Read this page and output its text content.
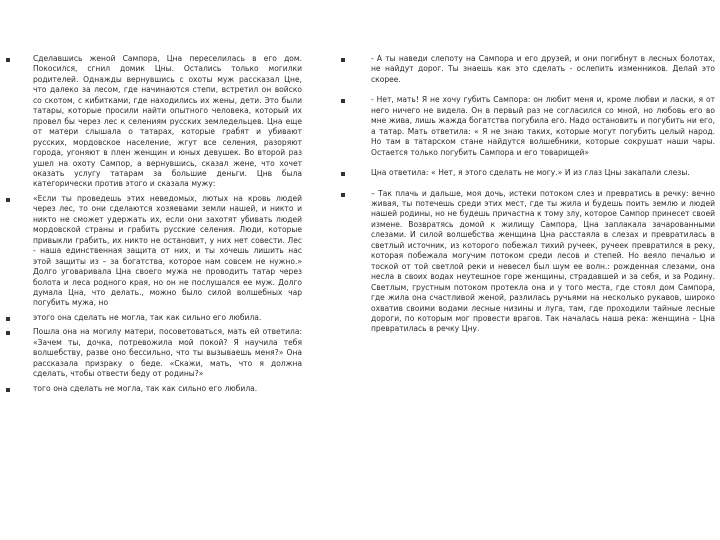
Сделавшись женой Сампора, Цна переселилась в его дом. Покосился, сгнил домик Цны. Остались только могилки родителей. Однажды вернувшись с охоты муж рассказал Цне, что далеко за лесом, где начинаются степи, встретил он войско со скотом, с кибитками, где находились их жены, дети. Это были татары, которые просили найти опытного человека, который их провел бы через лес к селениям русских земледельцев. Цна еще от матери слышала о татарах, которые грабят и убивают русских, мордовское население, жгут все селения, разоряют города, угоняют в плен женщин и юных девушек. Во второй раз ушел на охоту Сампор, а вернувшись, сказал жене, что хочет оказать услугу татарам за большие деньги. Цнв была категорически против этого и сказала мужу:
«Если ты проведешь этих неведомых, лютых на кровь людей через лес, то они сделаются хозяевами земли нашей, и никто и никто не сможет удержать их, если они захотят убивать людей мордовской страны и грабить русские селения. Люди, которые привыкли грабить, их никто не остановит, у них нет совести. Лес - наша единственная защита от них, и ты хочешь лишить нас этой защиты из – за богатства, которое нам совсем не нужно.» Долго уговаривала Цна своего мужа не проводить татар через болота и леса родного края, но он не послушался ее муж. Долго думала Цна, что делать., можно было силой волшебных чар погубить мужа, но
этого она сделать не могла, так как сильно его любила.
Пошла она на могилу матери, посоветоваться, мать ей ответила: «Зачем ты, дочка, потревожила мой покой? Я научила тебя волшебству, разве оно бессильно, что ты вызываешь меня?» Она рассказала призраку о беде. «Скажи, мать, что я должна сделать, чтобы отвести беду от родины?»
того она сделать не могла, так как сильно его любила.
- А ты наведи слепоту на Сампора и его друзей, и они погибнут в лесных болотах, не найдут дорог. Ты знаешь как это сделать - ослепить изменников. Делай это скорее.
- Нет, мать! Я не хочу губить Сампора: он любит меня и, кроме любви и ласки, я от него ничего не видела. Он в первый раз не согласился со мной, но любовь его во мне жива, лишь жажда богатства погубила его. Надо остановить и погубить ни его, а татар. Мать ответила: « Я не знаю таких, которые могут погубить целый народ. Но там в татарском стане найдутся волшебники, которые сокрушат наши чары. Остается только погубить Сампора и его товарищей»
Цна ответила: « Нет, я этого сделать не могу.» И из глаз Цны закапали слезы.
– Так плачь и дальше, моя дочь, истеки потоком слез и превратись в речку: вечно живая, ты потечешь среди этих мест, где ты жила и будешь поить землю и людей нашей родины, но не будешь причастна к тому злу, которое Сампор принесет своей измене. Возвратясь домой к жилищу Сампора, Цна заплакала зачарованными слезами. И силой волшебства женщина Цна расстаяла в слезах и превратилась в светлый источник, из которого побежал тихий ручеек, ручеек превратился в реку, которая побежала могучим потоком среди лесов и степей. Но веяло печалью и тоской от той светлой реки и невесел был шум ее волн.: рожденная слезами, она несла в своих водах неутешное горе женщины, страдавшей и за себя, и за Родину. Светлым, грустным потоком протекла она и у того места, где стоял дом Сампора, где жила она счастливой женой, разлилась ручьями на несколько рукавов, широко охватив своими водами лесные низины и луга, там, где проходили тайные лесные дороги, по которым мог провести врагов. Так началась наша река: женщина – Цна превратилась в речку Цну.
